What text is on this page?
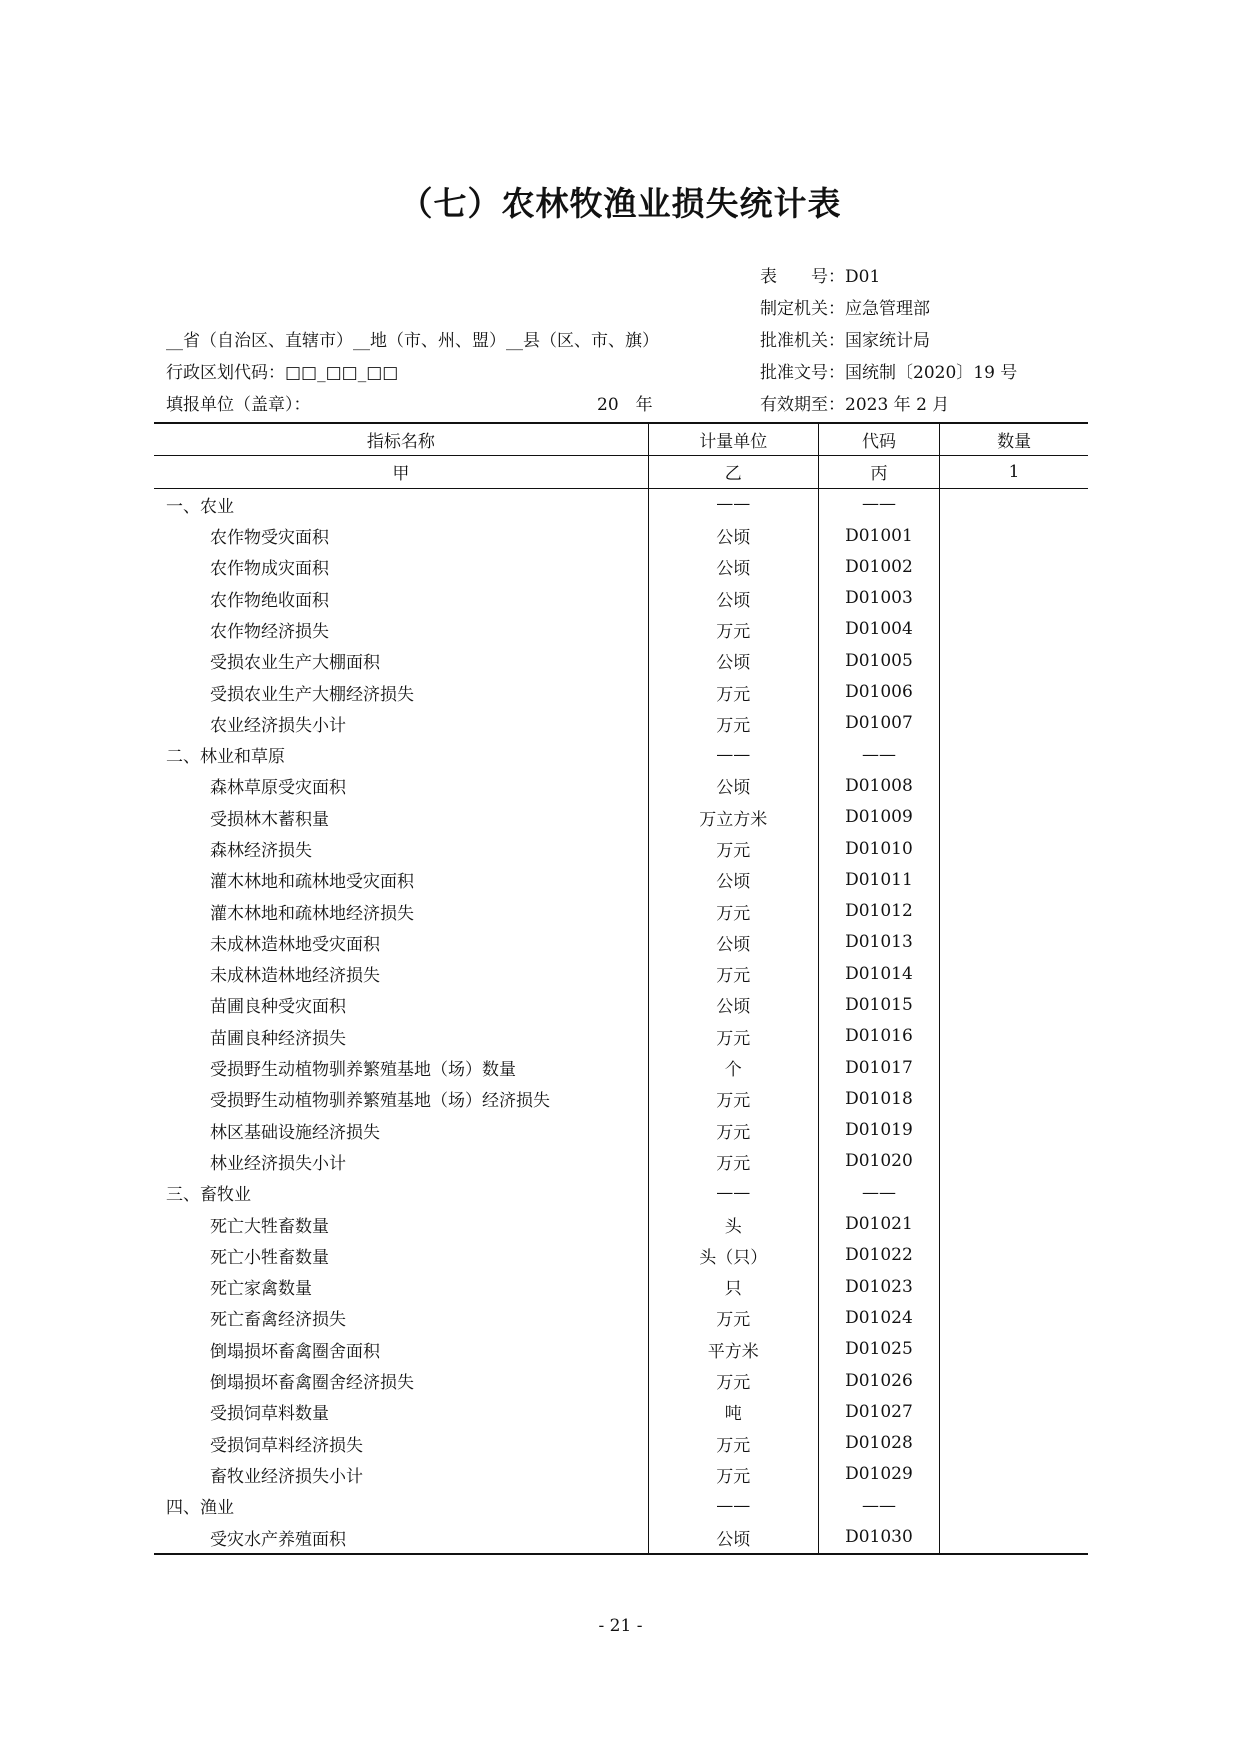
（七）农林牧渔业损失统计表
表　　号：D01
制定机关：应急管理部
批准机关：国家统计局
批准文号：国统制〔2020〕19 号
有效期至：2023 年 2 月
__省（自治区、直辖市）__地（市、州、盟）__县（区、市、旗）
行政区划代码：□□_□□_□□
填报单位（盖章）：	20　年
指标名称	计量单位	代码	数量
甲	乙	丙	1
一、农业	——	——	
农作物受灾面积	公顷	D01001	
农作物成灾面积	公顷	D01002	
农作物绝收面积	公顷	D01003	
农作物经济损失	万元	D01004	
受损农业生产大棚面积	公顷	D01005	
受损农业生产大棚经济损失	万元	D01006	
农业经济损失小计	万元	D01007	
二、林业和草原	——	——	
森林草原受灾面积	公顷	D01008	
受损林木蓄积量	万立方米	D01009	
森林经济损失	万元	D01010	
灌木林地和疏林地受灾面积	公顷	D01011	
灌木林地和疏林地经济损失	万元	D01012	
未成林造林地受灾面积	公顷	D01013	
未成林造林地经济损失	万元	D01014	
苗圃良种受灾面积	公顷	D01015	
苗圃良种经济损失	万元	D01016	
受损野生动植物驯养繁殖基地（场）数量	个	D01017	
受损野生动植物驯养繁殖基地（场）经济损失	万元	D01018	
林区基础设施经济损失	万元	D01019	
林业经济损失小计	万元	D01020	
三、畜牧业	——	——	
死亡大牲畜数量	头	D01021	
死亡小牲畜数量	头（只）	D01022	
死亡家禽数量	只	D01023	
死亡畜禽经济损失	万元	D01024	
倒塌损坏畜禽圈舍面积	平方米	D01025	
倒塌损坏畜禽圈舍经济损失	万元	D01026	
受损饲草料数量	吨	D01027	
受损饲草料经济损失	万元	D01028	
畜牧业经济损失小计	万元	D01029	
四、渔业	——	——	
受灾水产养殖面积	公顷	D01030	
- 21 -
